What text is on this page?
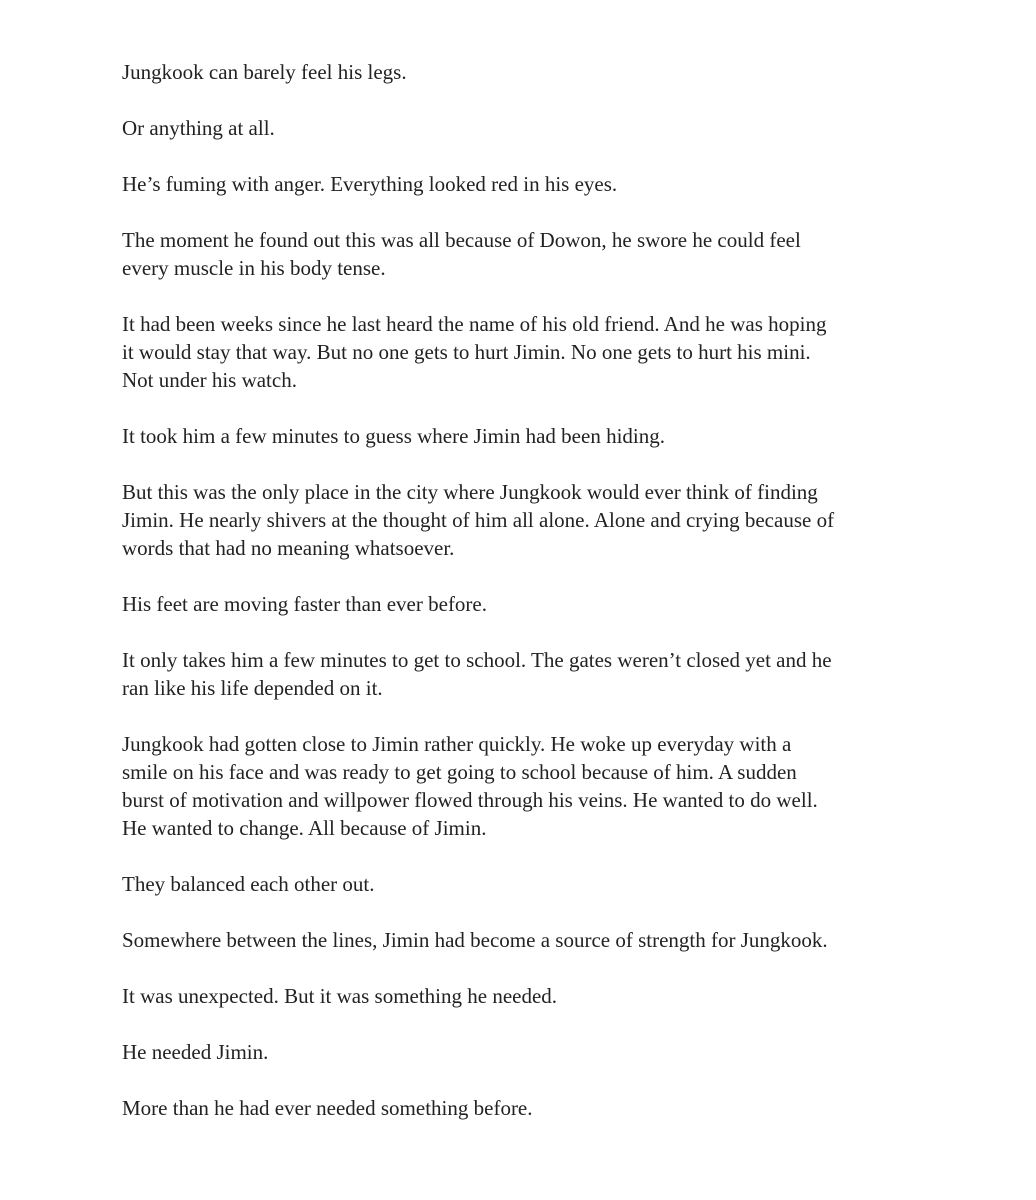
Jungkook can barely feel his legs.

Or anything at all.

He’s fuming with anger. Everything looked red in his eyes.

The moment he found out this was all because of Dowon, he swore he could feel
every muscle in his body tense.

It had been weeks since he last heard the name of his old friend. And he was hoping
it would stay that way. But no one gets to hurt Jimin. No one gets to hurt his mini.
Not under his watch.

It took him a few minutes to guess where Jimin had been hiding.

But this was the only place in the city where Jungkook would ever think of finding
Jimin. He nearly shivers at the thought of him all alone. Alone and crying because of
words that had no meaning whatsoever.

His feet are moving faster than ever before.

It only takes him a few minutes to get to school. The gates weren’t closed yet and he
ran like his life depended on it.

Jungkook had gotten close to Jimin rather quickly. He woke up everyday with a
smile on his face and was ready to get going to school because of him. A sudden
burst of motivation and willpower flowed through his veins. He wanted to do well.
He wanted to change. All because of Jimin.

They balanced each other out.

Somewhere between the lines, Jimin had become a source of strength for Jungkook.

It was unexpected. But it was something he needed.

He needed Jimin.

More than he had ever needed something before.
